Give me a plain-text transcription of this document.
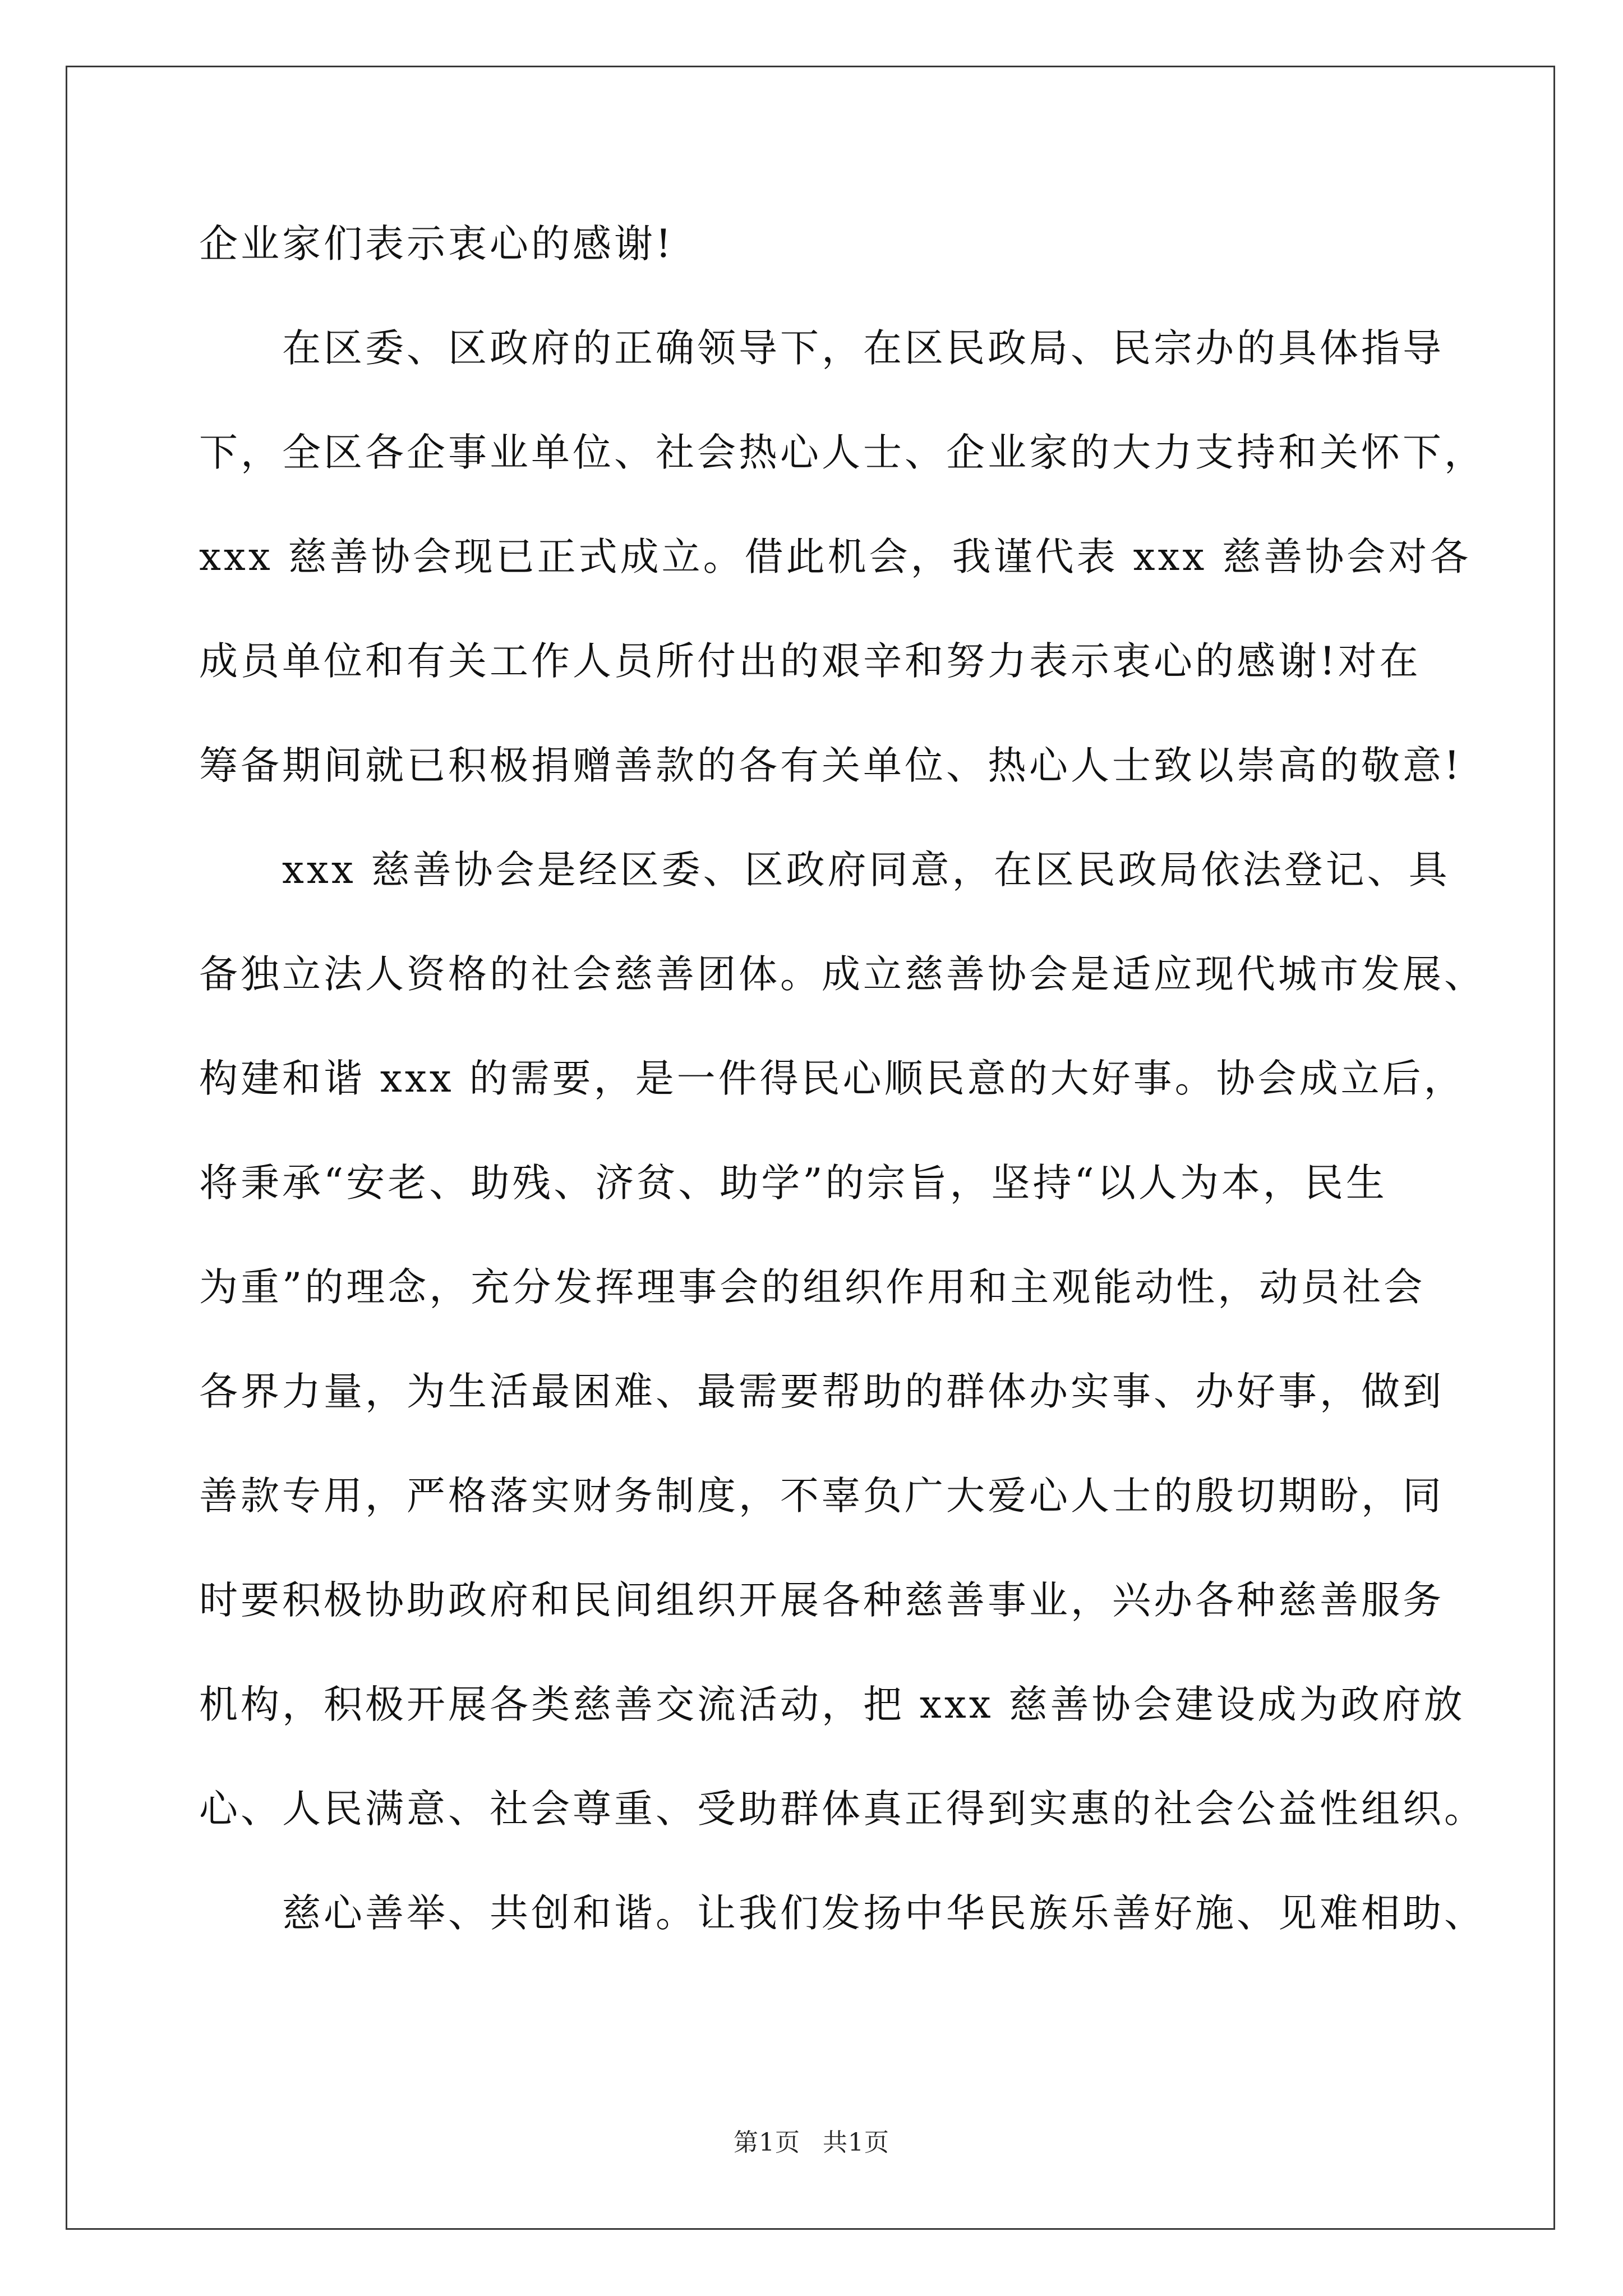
企业家们表示衷心的感谢!
在区委、区政府的正确领导下，在区民政局、民宗办的具体指导
下，全区各企事业单位、社会热心人士、企业家的大力支持和关怀下，
xxx 慈善协会现已正式成立。借此机会，我谨代表 xxx 慈善协会对各
成员单位和有关工作人员所付出的艰辛和努力表示衷心的感谢!对在
筹备期间就已积极捐赠善款的各有关单位、热心人士致以崇高的敬意!
xxx 慈善协会是经区委、区政府同意，在区民政局依法登记、具
备独立法人资格的社会慈善团体。成立慈善协会是适应现代城市发展、
构建和谐 xxx 的需要，是一件得民心顺民意的大好事。协会成立后，
将秉承“安老、助残、济贫、助学”的宗旨，坚持“以人为本，民生
为重”的理念，充分发挥理事会的组织作用和主观能动性，动员社会
各界力量，为生活最困难、最需要帮助的群体办实事、办好事，做到
善款专用，严格落实财务制度，不辜负广大爱心人士的殷切期盼，同
时要积极协助政府和民间组织开展各种慈善事业，兴办各种慈善服务
机构，积极开展各类慈善交流活动，把 xxx 慈善协会建设成为政府放
心、人民满意、社会尊重、受助群体真正得到实惠的社会公益性组织。
慈心善举、共创和谐。让我们发扬中华民族乐善好施、见难相助、
第1页 共1页
